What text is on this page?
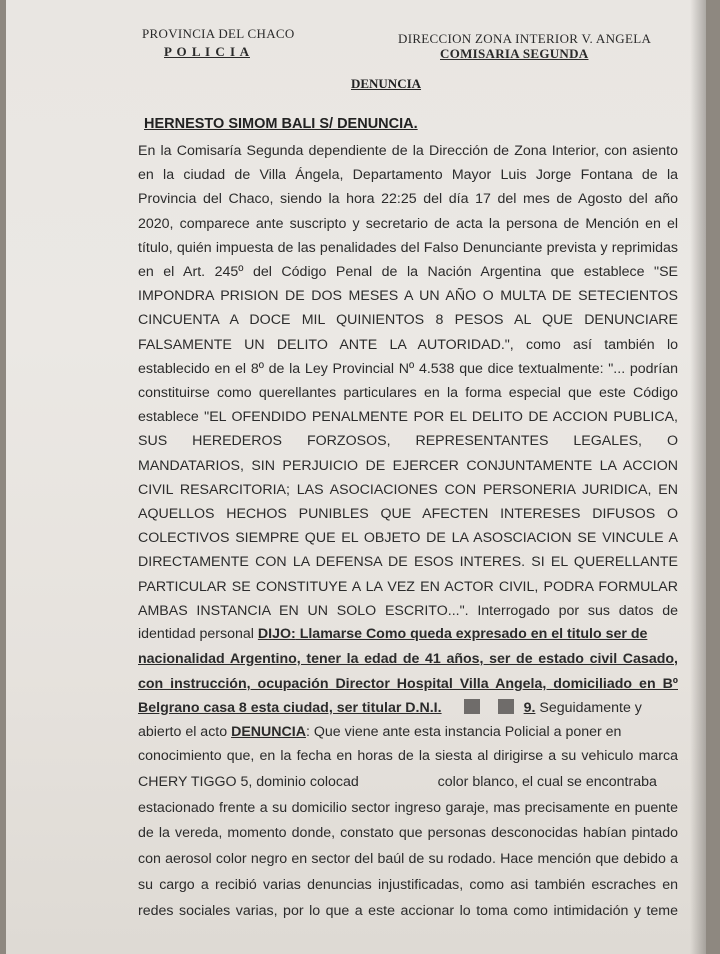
PROVINCIA DEL CHACO
P O L I C I A
DIRECCION ZONA INTERIOR V. ANGELA
COMISARIA SEGUNDA
DENUNCIA
HERNESTO SIMOM BALI S/ DENUNCIA.
En la Comisaría Segunda dependiente de la Dirección de Zona Interior, con asiento
en la ciudad de Villa Ángela, Departamento Mayor Luis Jorge Fontana de la
Provincia del Chaco, siendo la hora 22:25 del día 17 del mes de Agosto del año
2020, comparece ante suscripto y secretario de acta la persona de Mención en el
título, quién impuesta de las penalidades del Falso Denunciante prevista y reprimidas
en el Art. 245º del Código Penal de la Nación Argentina que establece "SE
IMPONDRA PRISION DE DOS MESES A UN AÑO O MULTA DE SETECIENTOS
CINCUENTA A DOCE MIL QUINIENTOS 8 PESOS AL QUE DENUNCIARE
FALSAMENTE UN DELITO ANTE LA AUTORIDAD.", como así también lo
establecido en el 8º de la Ley Provincial Nº 4.538 que dice textualmente: "... podrían
constituirse como querellantes particulares en la forma especial que este Código
establece "EL OFENDIDO PENALMENTE POR EL DELITO DE ACCION PUBLICA,
SUS HEREDEROS FORZOSOS, REPRESENTANTES LEGALES, O
MANDATARIOS, SIN PERJUICIO DE EJERCER CONJUNTAMENTE LA ACCION
CIVIL RESARCITORIA; LAS ASOCIACIONES CON PERSONERIA JURIDICA, EN
AQUELLOS HECHOS PUNIBLES QUE AFECTEN INTERESES DIFUSOS O
COLECTIVOS SIEMPRE QUE EL OBJETO DE LA ASOSCIACION SE VINCULE A
DIRECTAMENTE CON LA DEFENSA DE ESOS INTERES. SI EL QUERELLANTE
PARTICULAR SE CONSTITUYE A LA VEZ EN ACTOR CIVIL, PODRA FORMULAR
AMBAS INSTANCIA EN UN SOLO ESCRITO...". Interrogado por sus datos de
identidad personal DIJO: Llamarse Como queda expresado en el titulo ser de
nacionalidad Argentino, tener la edad de 41 años, ser de estado civil Casado,
con instrucción, ocupación Director Hospital Villa Angela, domiciliado en Bº
Belgrano casa 8 esta ciudad, ser titular D.N.I.	9. Seguidamente y
abierto el acto DENUNCIA: Que viene ante esta instancia Policial a poner en
conocimiento que, en la fecha en horas de la siesta al dirigirse a su vehiculo marca
CHERY TIGGO 5, dominio colocad                    color blanco, el cual se encontraba
estacionado frente a su domicilio sector ingreso garaje, mas precisamente en puente
de la vereda, momento donde, constato que personas desconocidas habían pintado
con aerosol color negro en sector del baúl de su rodado. Hace mención que debido a
su cargo a recibió varias denuncias injustificadas, como asi también escraches en
redes sociales varias, por lo que a este accionar lo toma como intimidación y teme
